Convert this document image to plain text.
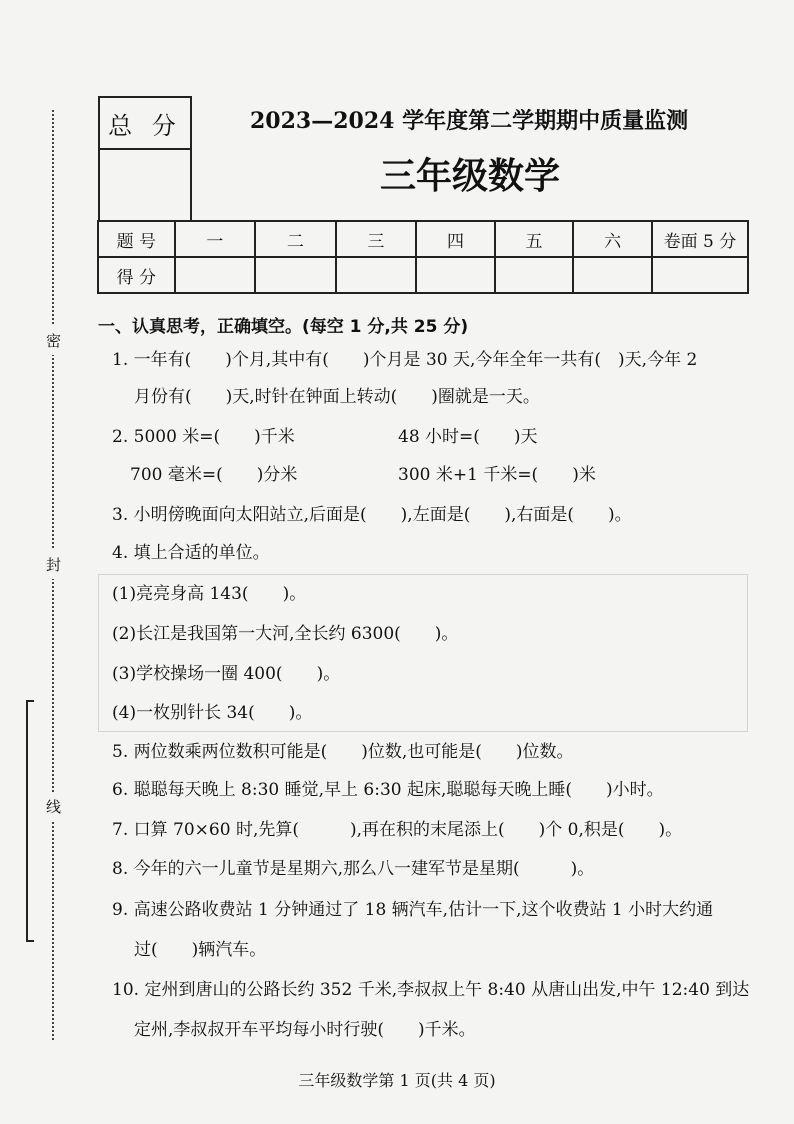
密
封
线
总 分	2023—2024 学年度第二学期期中质量监测
三年级数学
题 号	一	二	三	四	五	六	卷面 5 分
得 分							
一、认真思考，正确填空。(每空 1 分,共 25 分)
1. 一年有(　　)个月,其中有(　　)个月是 30 天,今年全年一共有(　)天,今年 2
月份有(　　)天,时针在钟面上转动(　　)圈就是一天。
2. 5000 米=(　　)千米	48 小时=(　　)天
700 毫米=(　　)分米	300 米+1 千米=(　　)米
3. 小明傍晚面向太阳站立,后面是(　　),左面是(　　),右面是(　　)。
4. 填上合适的单位。
(1)亮亮身高 143(　　)。
(2)长江是我国第一大河,全长约 6300(　　)。
(3)学校操场一圈 400(　　)。
(4)一枚别针长 34(　　)。
5. 两位数乘两位数积可能是(　　)位数,也可能是(　　)位数。
6. 聪聪每天晚上 8:30 睡觉,早上 6:30 起床,聪聪每天晚上睡(　　)小时。
7. 口算 70×60 时,先算(　　　),再在积的末尾添上(　　)个 0,积是(　　)。
8. 今年的六一儿童节是星期六,那么八一建军节是星期(　　　)。
9. 高速公路收费站 1 分钟通过了 18 辆汽车,估计一下,这个收费站 1 小时大约通
过(　　)辆汽车。
10. 定州到唐山的公路长约 352 千米,李叔叔上午 8:40 从唐山出发,中午 12:40 到达
定州,李叔叔开车平均每小时行驶(　　)千米。
三年级数学第 1 页(共 4 页)
